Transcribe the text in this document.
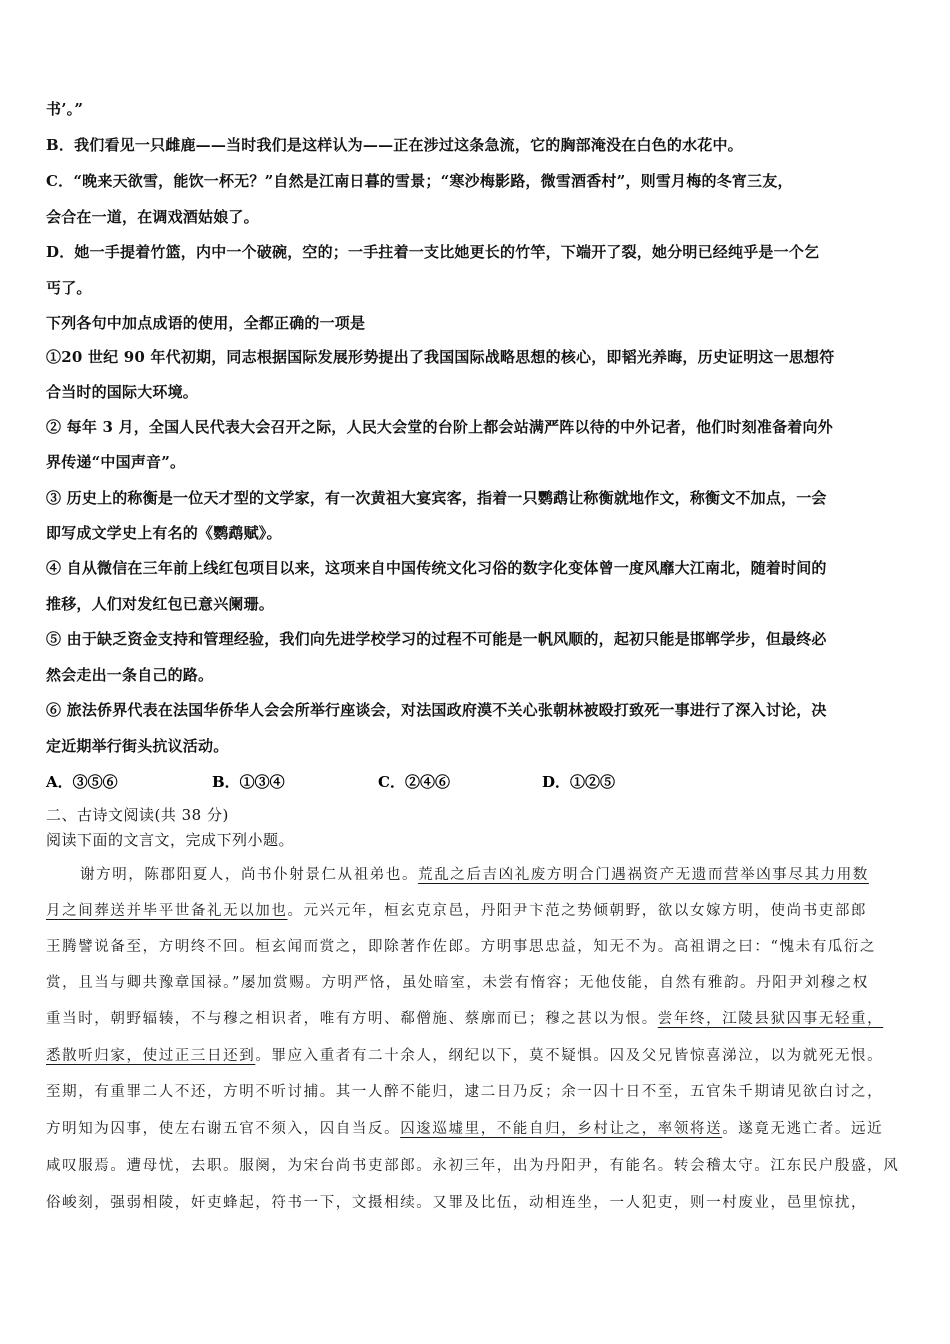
书’。”
B．我们看见一只雌鹿——当时我们是这样认为——正在涉过这条急流，它的胸部淹没在白色的水花中。
C．“晚来天欲雪，能饮一杯无？”自然是江南日暮的雪景；“寒沙梅影路，微雪酒香村”，则雪月梅的冬宵三友，
会合在一道，在调戏酒姑娘了。
D．她一手提着竹篮，内中一个破碗，空的；一手拄着一支比她更长的竹竿，下端开了裂，她分明已经纯乎是一个乞
丐了。
下列各句中加点成语的使用，全都正确的一项是
①20 世纪 90 年代初期，同志根据国际发展形势提出了我国国际战略思想的核心，即韬光养晦，历史证明这一思想符
合当时的国际大环境。
② 每年 3 月，全国人民代表大会召开之际，人民大会堂的台阶上都会站满严阵以待的中外记者，他们时刻准备着向外
界传递“中国声音”。
③ 历史上的称衡是一位天才型的文学家，有一次黄祖大宴宾客，指着一只鹦鹉让称衡就地作文，称衡文不加点，一会
即写成文学史上有名的《鹦鹉赋》。
④ 自从微信在三年前上线红包项目以来，这项来自中国传统文化习俗的数字化变体曾一度风靡大江南北，随着时间的
推移，人们对发红包已意兴阑珊。
⑤ 由于缺乏资金支持和管理经验，我们向先进学校学习的过程不可能是一帆风顺的，起初只能是邯郸学步，但最终必
然会走出一条自己的路。
⑥ 旅法侨界代表在法国华侨华人会会所举行座谈会，对法国政府漠不关心张朝林被殴打致死一事进行了深入讨论，决
定近期举行街头抗议活动。
A．③⑤⑥	B．①③④	C．②④⑥	D．①②⑤
二、古诗文阅读(共 38 分)
阅读下面的文言文，完成下列小题。
谢方明，陈郡阳夏人，尚书仆射景仁从祖弟也。荒乱之后吉凶礼废方明合门遇祸资产无遗而营举凶事尽其力用数
月之间葬送并毕平世备礼无以加也。元兴元年，桓玄克京邑，丹阳尹卞范之势倾朝野，欲以女嫁方明，使尚书吏部郎
王腾譬说备至，方明终不回。桓玄闻而赏之，即除著作佐郎。方明事思忠益，知无不为。高祖谓之曰：“愧未有瓜衍之
赏，且当与卿共豫章国禄。”屡加赏赐。方明严恪，虽处暗室，未尝有惰容；无他伎能，自然有雅韵。丹阳尹刘穆之权
重当时，朝野辐辏，不与穆之相识者，唯有方明、郗僧施、蔡廓而已；穆之甚以为恨。尝年终，江陵县狱囚事无轻重，
悉散听归家，使过正三日还到。罪应入重者有二十余人，纲纪以下，莫不疑惧。囚及父兄皆惊喜涕泣，以为就死无恨。
至期，有重罪二人不还，方明不听讨捕。其一人醉不能归，逮二日乃反；余一囚十日不至，五官朱千期请见欲白讨之，
方明知为囚事，使左右谢五官不须入，囚自当反。囚逡巡墟里，不能自归，乡村让之，率领将送。遂竟无逃亡者。远近
咸叹服焉。遭母忧，去职。服阕，为宋台尚书吏部郎。永初三年，出为丹阳尹，有能名。转会稽太守。江东民户殷盛，风
俗峻刻，强弱相陵，奸吏蜂起，符书一下，文摄相续。又罪及比伍，动相连坐，一人犯吏，则一村废业，邑里惊扰，
